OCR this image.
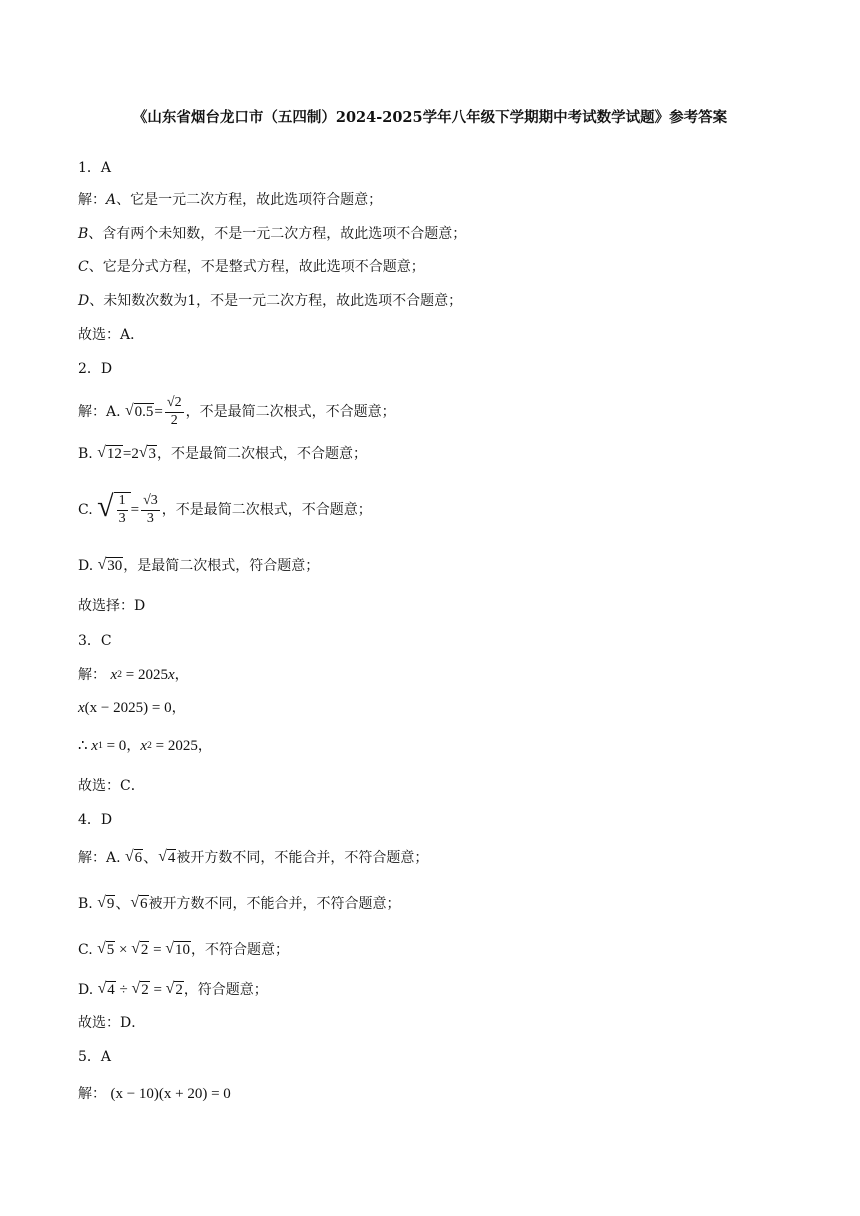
《山东省烟台龙口市（五四制）2024-2025学年八年级下学期期中考试数学试题》参考答案
1．A
解：A、它是一元二次方程，故此选项符合题意；
B、含有两个未知数，不是一元二次方程，故此选项不合题意；
C、它是分式方程，不是整式方程，故此选项不合题意；
D、未知数次数为1，不是一元二次方程，故此选项不合题意；
故选：A．
2．D
解：A. √ $0.5 = \frac{√2}{2}$ ，不是最简二次根式，不合题意；
B. √ 12 =2 √ 3 ，不是最简二次根式，不合题意；
C. √ $\frac{1}{3} = \frac{√3}{3}$ ，不是最简二次根式，不合题意；
D. √ 30 ，是最简二次根式，符合题意；
故选择：D
3．C
解： x 2
= 2025 x ，
x (x − 2025) = 0 ，
∴
x 1
= 0 ， x 2
= 2025 ，
故选：C．
4．D
解：A. √ 6 、 √ 4 被开方数不同，不能合并，不符合题意；
B. √ 9 、 √ 6 被开方数不同，不能合并，不符合题意；
C. √ 5
×
√ 2
=
√ 10 ，不符合题意；
D. √ 4
÷
√ 2
=
√ 2 ，符合题意；
故选：D．
5．A
解： (x − 10)(x + 20) = 0
